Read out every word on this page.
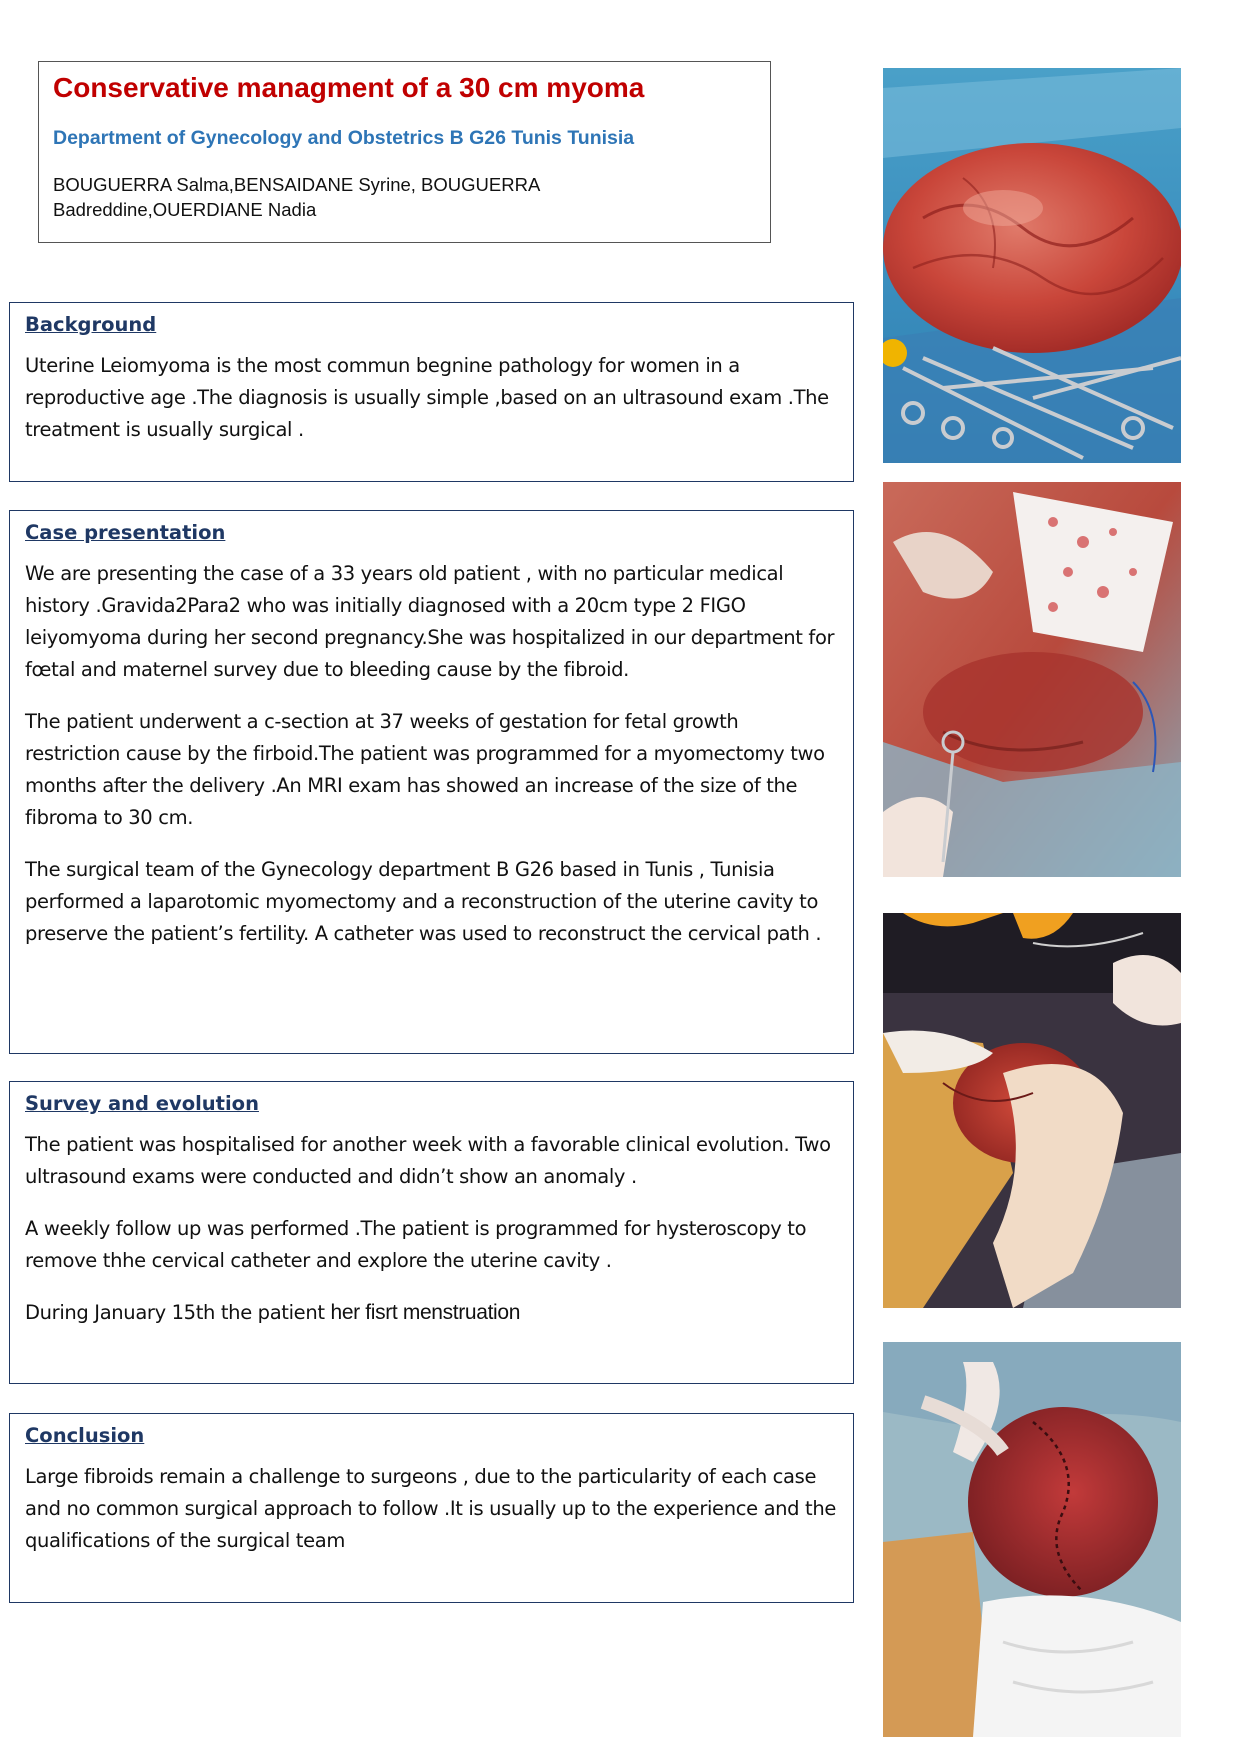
Conservative managment of a 30 cm myoma
Department of Gynecology and Obstetrics B G26 Tunis Tunisia
BOUGUERRA Salma,BENSAIDANE Syrine, BOUGUERRA
Badreddine,OUERDIANE Nadia
Background

Uterine Leiomyoma is the most commun begnine pathology for women in a reproductive age .The diagnosis is usually simple ,based on an ultrasound exam .The treatment is usually surgical .

Case presentation

We are presenting the case of a 33 years old patient , with no particular medical history .Gravida2Para2 who was initially diagnosed with a 20cm type 2 FIGO leiyomyoma during her second pregnancy.She was hospitalized in our department for fœtal and maternel survey due to bleeding cause by the fibroid.

The patient underwent a c-section at 37 weeks of gestation for fetal growth restriction cause by the firboid.The patient was programmed for a myomectomy two months after the delivery .An MRI exam has showed an increase of the size of the fibroma to 30 cm.

The surgical team of the Gynecology department B G26 based in Tunis , Tunisia performed a laparotomic myomectomy and a reconstruction of the uterine cavity to preserve the patient’s fertility. A catheter was used to reconstruct the cervical path .

Survey and evolution

The patient was hospitalised for another week with a favorable clinical evolution. Two ultrasound exams were conducted and didn’t show an anomaly .

A weekly follow up was performed .The patient is programmed for hysteroscopy to remove thhe cervical catheter and explore the uterine cavity .

During January 15th the patient her fisrt menstruation

Conclusion

Large fibroids remain a challenge to surgeons , due to the particularity of each case and no common surgical approach to follow .It is usually up to the experience and the qualifications of the surgical team
